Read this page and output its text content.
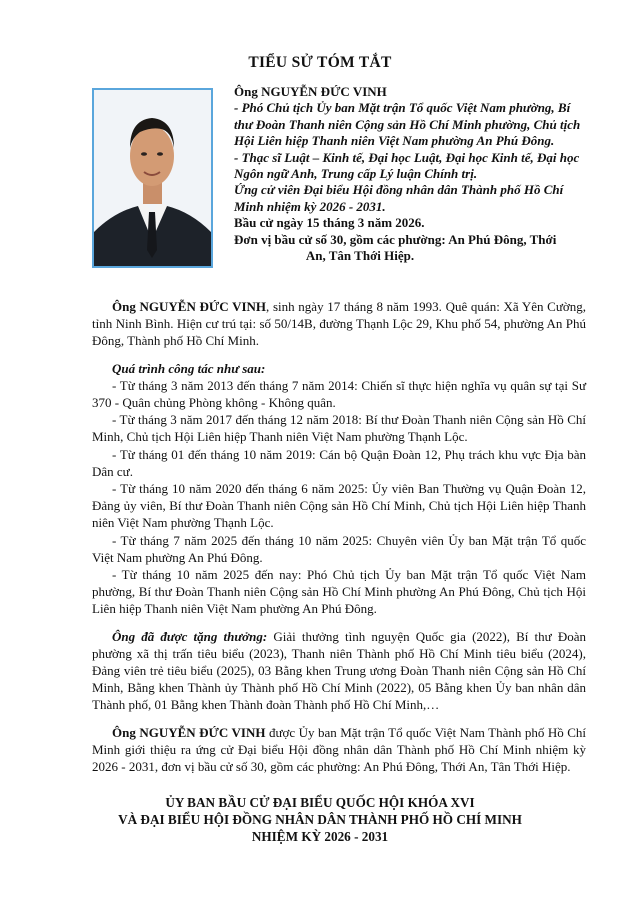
TIỂU SỬ TÓM TẮT
Ông NGUYỄN ĐỨC VINH
- Phó Chủ tịch Ủy ban Mặt trận Tổ quốc Việt Nam phường, Bí thư Đoàn Thanh niên Cộng sản Hồ Chí Minh phường, Chủ tịch Hội Liên hiệp Thanh niên Việt Nam phường An Phú Đông.
- Thạc sĩ Luật – Kinh tế, Đại học Luật, Đại học Kinh tế, Đại học Ngôn ngữ Anh, Trung cấp Lý luận Chính trị.
Ứng cử viên Đại biểu Hội đồng nhân dân Thành phố Hồ Chí Minh nhiệm kỳ 2026 - 2031.
Bầu cử ngày 15 tháng 3 năm 2026.
Đơn vị bầu cử số 30, gồm các phường: An Phú Đông, Thới
An, Tân Thới Hiệp.

Ông NGUYỄN ĐỨC VINH, sinh ngày 17 tháng 8 năm 1993. Quê quán: Xã Yên Cường, tỉnh Ninh Bình. Hiện cư trú tại: số 50/14B, đường Thạnh Lộc 29, Khu phố 54, phường An Phú Đông, Thành phố Hồ Chí Minh.

Quá trình công tác như sau:

- Từ tháng 3 năm 2013 đến tháng 7 năm 2014: Chiến sĩ thực hiện nghĩa vụ quân sự tại Sư 370 - Quân chủng Phòng không - Không quân.

- Từ tháng 3 năm 2017 đến tháng 12 năm 2018: Bí thư Đoàn Thanh niên Cộng sản Hồ Chí Minh, Chủ tịch Hội Liên hiệp Thanh niên Việt Nam phường Thạnh Lộc.

- Từ tháng 01 đến tháng 10 năm 2019: Cán bộ Quận Đoàn 12, Phụ trách khu vực Địa bàn Dân cư.

- Từ tháng 10 năm 2020 đến tháng 6 năm 2025: Ủy viên Ban Thường vụ Quận Đoàn 12, Đảng ủy viên, Bí thư Đoàn Thanh niên Cộng sản Hồ Chí Minh, Chủ tịch Hội Liên hiệp Thanh niên Việt Nam phường Thạnh Lộc.

- Từ tháng 7 năm 2025 đến tháng 10 năm 2025: Chuyên viên Ủy ban Mặt trận Tổ quốc Việt Nam phường An Phú Đông.

- Từ tháng 10 năm 2025 đến nay: Phó Chủ tịch Ủy ban Mặt trận Tổ quốc Việt Nam phường, Bí thư Đoàn Thanh niên Cộng sản Hồ Chí Minh phường An Phú Đông, Chủ tịch Hội Liên hiệp Thanh niên Việt Nam phường An Phú Đông.

Ông đã được tặng thưởng: Giải thưởng tình nguyện Quốc gia (2022), Bí thư Đoàn phường xã thị trấn tiêu biểu (2023), Thanh niên Thành phố Hồ Chí Minh tiêu biểu (2024), Đảng viên trẻ tiêu biểu (2025), 03 Bằng khen Trung ương Đoàn Thanh niên Cộng sản Hồ Chí Minh, Bằng khen Thành ủy Thành phố Hồ Chí Minh (2022), 05 Bằng khen Ủy ban nhân dân Thành phố, 01 Bằng khen Thành đoàn Thành phố Hồ Chí Minh,…

Ông NGUYỄN ĐỨC VINH được Ủy ban Mặt trận Tổ quốc Việt Nam Thành phố Hồ Chí Minh giới thiệu ra ứng cử Đại biểu Hội đồng nhân dân Thành phố Hồ Chí Minh nhiệm kỳ 2026 - 2031, đơn vị bầu cử số 30, gồm các phường: An Phú Đông, Thới An, Tân Thới Hiệp.

ỦY BAN BẦU CỬ ĐẠI BIỂU QUỐC HỘI KHÓA XVI
VÀ ĐẠI BIỂU HỘI ĐỒNG NHÂN DÂN THÀNH PHỐ HỒ CHÍ MINH
NHIỆM KỲ 2026 - 2031
